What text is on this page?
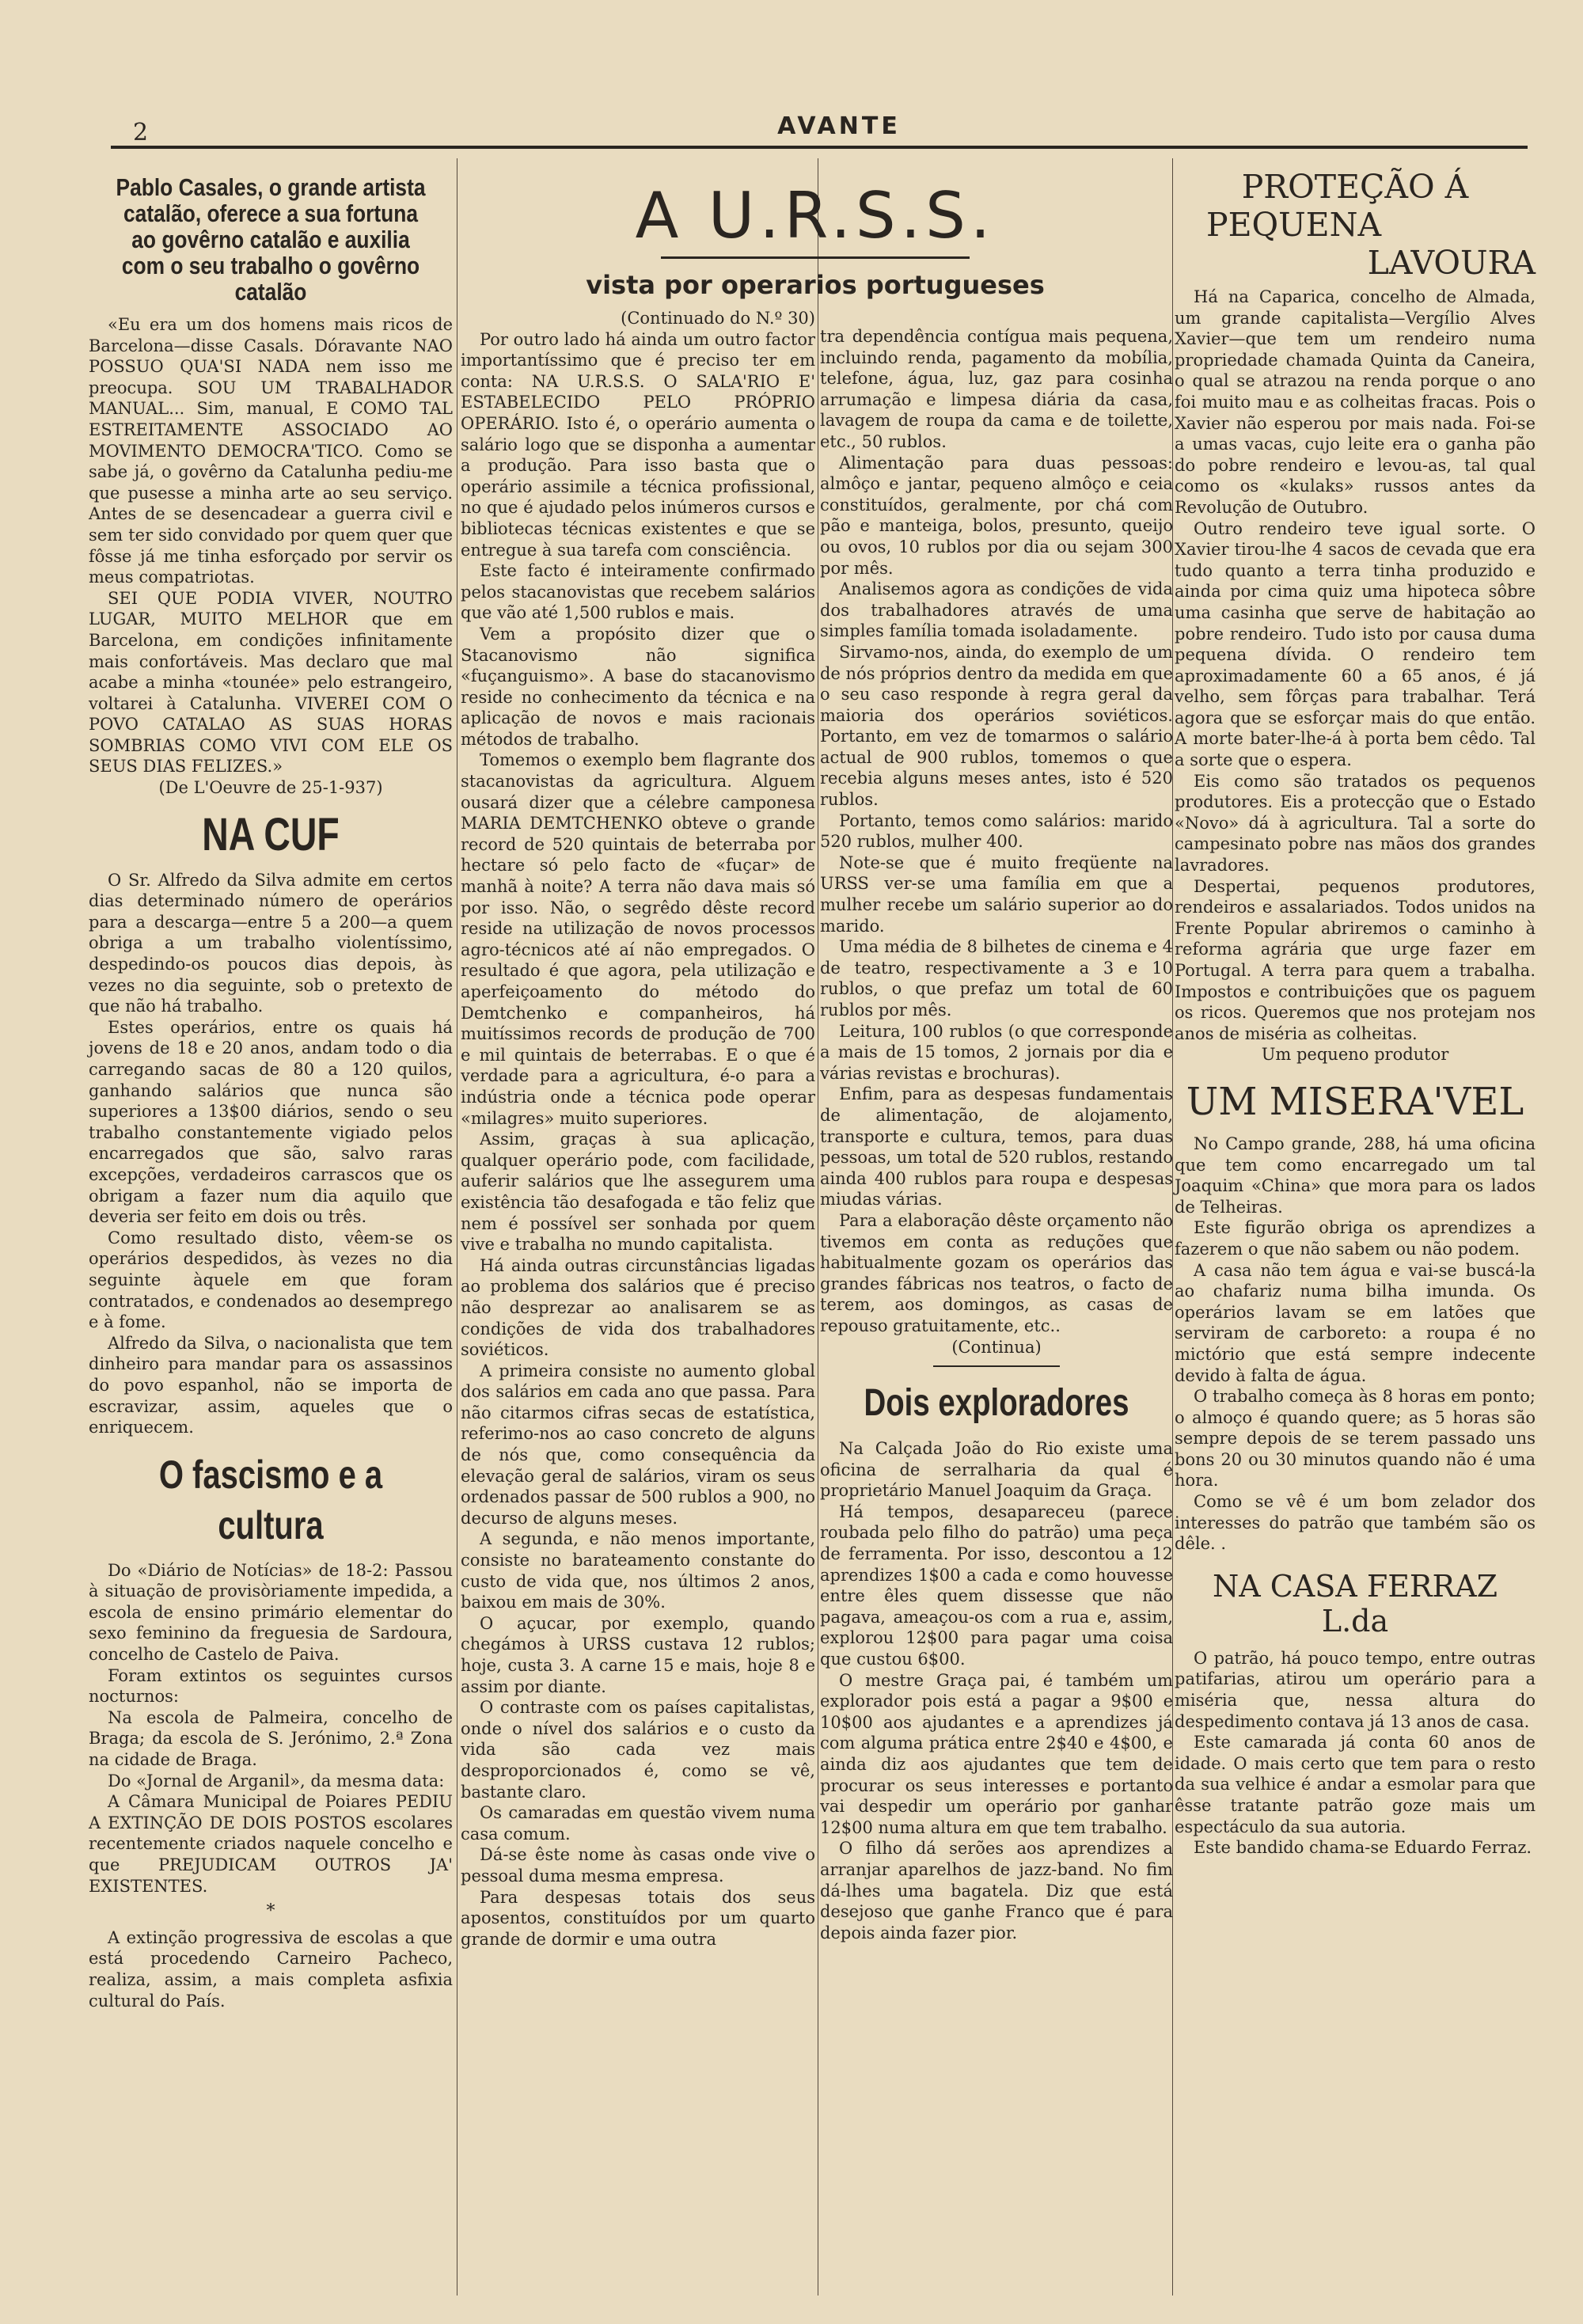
2	AVANTE
Pablo Casales, o grande artista catalão, oferece a sua fortuna ao govêrno catalão e auxilia com o seu trabalho o govêrno catalão

«Eu era um dos homens mais ricos de Barcelona—disse Casals. Dóravante NAO POSSUO QUA'SI NADA nem isso me preocupa. SOU UM TRABALHADOR MANUAL... Sim, manual, E COMO TAL ESTREITAMENTE ASSOCIADO AO MOVIMENTO DEMOCRA'TICO. Como se sabe já, o govêrno da Catalunha pediu-me que pusesse a minha arte ao seu serviço. Antes de se desencadear a guerra civil e sem ter sido convidado por quem quer que fôsse já me tinha esforçado por servir os meus compatriotas.

SEI QUE PODIA VIVER, NOUTRO LUGAR, MUITO MELHOR que em Barcelona, em condições infinitamente mais confortáveis. Mas declaro que mal acabe a minha «tounée» pelo estrangeiro, voltarei à Catalunha. VIVEREI COM O POVO CATALAO AS SUAS HORAS SOMBRIAS COMO VIVI COM ELE OS SEUS DIAS FELIZES.»

(De L'Oeuvre de 25-1-937)

NA CUF

O Sr. Alfredo da Silva admite em certos dias determinado número de operários para a descarga—entre 5 a 200—a quem obriga a um trabalho violentíssimo, despedindo-os poucos dias depois, às vezes no dia seguinte, sob o pretexto de que não há trabalho.

Estes operários, entre os quais há jovens de 18 e 20 anos, andam todo o dia carregando sacas de 80 a 120 quilos, ganhando salários que nunca são superiores a 13$00 diários, sendo o seu trabalho constantemente vigiado pelos encarregados que são, salvo raras excepções, verdadeiros carrascos que os obrigam a fazer num dia aquilo que deveria ser feito em dois ou três.

Como resultado disto, vêem-se os operários despedidos, às vezes no dia seguinte àquele em que foram contratados, e condenados ao desemprego e à fome.

Alfredo da Silva, o nacionalista que tem dinheiro para mandar para os assassinos do povo espanhol, não se importa de escravizar, assim, aqueles que o enriquecem.

O fascismo e a cultura

Do «Diário de Notícias» de 18-2: Passou à situação de provisòriamente impedida, a escola de ensino primário elementar do sexo feminino da freguesia de Sardoura, concelho de Castelo de Paiva.

Foram extintos os seguintes cursos nocturnos:

Na escola de Palmeira, concelho de Braga; da escola de S. Jerónimo, 2.ª Zona na cidade de Braga.

Do «Jornal de Arganil», da mesma data:

A Câmara Municipal de Poiares PEDIU A EXTINÇÃO DE DOIS POSTOS escolares recentemente criados naquele concelho e que PREJUDICAM OUTROS JA' EXISTENTES.

*

A extinção progressiva de escolas a que está procedendo Carneiro Pacheco, realiza, assim, a mais completa asfixia cultural do País.

A U.R.S.S.
vista por operarios portugueses

(Continuado do N.º 30)

Por outro lado há ainda um outro factor importantíssimo que é preciso ter em conta: NA U.R.S.S. O SALA'RIO E' ESTABELECIDO PELO PRÓPRIO OPERÁRIO. Isto é, o operário aumenta o salário logo que se disponha a aumentar a produção. Para isso basta que o operário assimile a técnica profissional, no que é ajudado pelos inúmeros cursos e bibliotecas técnicas existentes e que se entregue à sua tarefa com consciência.

Este facto é inteiramente confirmado pelos stacanovistas que recebem salários que vão até 1,500 rublos e mais.

Vem a propósito dizer que o Stacanovismo não significa «fuçanguismo». A base do stacanovismo reside no conhecimento da técnica e na aplicação de novos e mais racionais métodos de trabalho.

Tomemos o exemplo bem flagrante dos stacanovistas da agricultura. Alguem ousará dizer que a célebre camponesa MARIA DEMTCHENKO obteve o grande record de 520 quintais de beterraba por hectare só pelo facto de «fuçar» de manhã à noite? A terra não dava mais só por isso. Não, o segrêdo dêste record reside na utilização de novos processos agro-técnicos até aí não empregados. O resultado é que agora, pela utilização e aperfeiçoamento do método do Demtchenko e companheiros, há muitíssimos records de produção de 700 e mil quintais de beterrabas. E o que é verdade para a agricultura, é-o para a indústria onde a técnica pode operar «milagres» muito superiores.

Assim, graças à sua aplicação, qualquer operário pode, com facilidade, auferir salários que lhe assegurem uma existência tão desafogada e tão feliz que nem é possível ser sonhada por quem vive e trabalha no mundo capitalista.

Há ainda outras circunstâncias ligadas ao problema dos salários que é preciso não desprezar ao analisarem se as condições de vida dos trabalhadores soviéticos.

A primeira consiste no aumento global dos salários em cada ano que passa. Para não citarmos cifras secas de estatística, referimo-nos ao caso concreto de alguns de nós que, como consequência da elevação geral de salários, viram os seus ordenados passar de 500 rublos a 900, no decurso de alguns meses.

A segunda, e não menos importante, consiste no barateamento constante do custo de vida que, nos últimos 2 anos, baixou em mais de 30%.

O açucar, por exemplo, quando chegámos à URSS custava 12 rublos; hoje, custa 3. A carne 15 e mais, hoje 8 e assim por diante.

O contraste com os países capitalistas, onde o nível dos salários e o custo da vida são cada vez mais desproporcionados é, como se vê, bastante claro.

Os camaradas em questão vivem numa casa comum.

Dá-se êste nome às casas onde vive o pessoal duma mesma empresa.

Para despesas totais dos seus aposentos, constituídos por um quarto grande de dormir e uma outra

tra dependência contígua mais pequena, incluindo renda, pagamento da mobília, telefone, água, luz, gaz para cosinha arrumação e limpesa diária da casa, lavagem de roupa da cama e de toilette, etc., 50 rublos.

Alimentação para duas pessoas: almôço e jantar, pequeno almôço e ceia constituídos, geralmente, por chá com pão e manteiga, bolos, presunto, queijo ou ovos, 10 rublos por dia ou sejam 300 por mês.

Analisemos agora as condições de vida dos trabalhadores através de uma simples família tomada isoladamente.

Sirvamo-nos, ainda, do exemplo de um de nós próprios dentro da medida em que o seu caso responde à regra geral da maioria dos operários soviéticos. Portanto, em vez de tomarmos o salário actual de 900 rublos, tomemos o que recebia alguns meses antes, isto é 520 rublos.

Portanto, temos como salários: marido 520 rublos, mulher 400.

Note-se que é muito freqüente na URSS ver-se uma família em que a mulher recebe um salário superior ao do marido.

Uma média de 8 bilhetes de cinema e 4 de teatro, respectivamente a 3 e 10 rublos, o que prefaz um total de 60 rublos por mês.

Leitura, 100 rublos (o que corresponde a mais de 15 tomos, 2 jornais por dia e várias revistas e brochuras).

Enfim, para as despesas fundamentais de alimentação, de alojamento, transporte e cultura, temos, para duas pessoas, um total de 520 rublos, restando ainda 400 rublos para roupa e despesas miudas várias.

Para a elaboração dêste orçamento não tivemos em conta as reduções que habitualmente gozam os operários das grandes fábricas nos teatros, o facto de terem, aos domingos, as casas de repouso gratuitamente, etc..

(Continua)

Dois exploradores

Na Calçada João do Rio existe uma oficina de serralharia da qual é proprietário Manuel Joaquim da Graça.

Há tempos, desapareceu (parece roubada pelo filho do patrão) uma peça de ferramenta. Por isso, descontou a 12 aprendizes 1$00 a cada e como houvesse entre êles quem dissesse que não pagava, ameaçou-os com a rua e, assim, explorou 12$00 para pagar uma coisa que custou 6$00.

O mestre Graça pai, é também um explorador pois está a pagar a 9$00 e 10$00 aos ajudantes e a aprendizes já com alguma prática entre 2$40 e 4$00, e ainda diz aos ajudantes que tem de procurar os seus interesses e portanto vai despedir um operário por ganhar 12$00 numa altura em que tem trabalho.

O filho dá serões aos aprendizes a arranjar aparelhos de jazz-band. No fim dá-lhes uma bagatela. Diz que está desejoso que ganhe Franco que é para depois ainda fazer pior.

PROTEÇÃO Á
PEQUENA
LAVOURA

Há na Caparica, concelho de Almada, um grande capitalista—Vergílio Alves Xavier—que tem um rendeiro numa propriedade chamada Quinta da Caneira, o qual se atrazou na renda porque o ano foi muito mau e as colheitas fracas. Pois o Xavier não esperou por mais nada. Foi-se a umas vacas, cujo leite era o ganha pão do pobre rendeiro e levou-as, tal qual como os «kulaks» russos antes da Revolução de Outubro.

Outro rendeiro teve igual sorte. O Xavier tirou-lhe 4 sacos de cevada que era tudo quanto a terra tinha produzido e ainda por cima quiz uma hipoteca sôbre uma casinha que serve de habitação ao pobre rendeiro. Tudo isto por causa duma pequena dívida. O rendeiro tem aproximadamente 60 a 65 anos, é já velho, sem fôrças para trabalhar. Terá agora que se esforçar mais do que então. A morte bater-lhe-á à porta bem cêdo. Tal a sorte que o espera.

Eis como são tratados os pequenos produtores. Eis a protecção que o Estado «Novo» dá à agricultura. Tal a sorte do campesinato pobre nas mãos dos grandes lavradores.

Despertai, pequenos produtores, rendeiros e assalariados. Todos unidos na Frente Popular abriremos o caminho à reforma agrária que urge fazer em Portugal. A terra para quem a trabalha. Impostos e contribuições que os paguem os ricos. Queremos que nos protejam nos anos de miséria as colheitas.

Um pequeno produtor

UM MISERA'VEL

No Campo grande, 288, há uma oficina que tem como encarregado um tal Joaquim «China» que mora para os lados de Telheiras.

Este figurão obriga os aprendizes a fazerem o que não sabem ou não podem.

A casa não tem água e vai-se buscá-la ao chafariz numa bilha imunda. Os operários lavam se em latões que serviram de carboreto: a roupa é no mictório que está sempre indecente devido à falta de água.

O trabalho começa às 8 horas em ponto; o almoço é quando quere; as 5 horas são sempre depois de se terem passado uns bons 20 ou 30 minutos quando não é uma hora.

Como se vê é um bom zelador dos interesses do patrão que também são os dêle. .

NA CASA FERRAZ L.da

O patrão, há pouco tempo, entre outras patifarias, atirou um operário para a miséria que, nessa altura do despedimento contava já 13 anos de casa.

Este camarada já conta 60 anos de idade. O mais certo que tem para o resto da sua velhice é andar a esmolar para que êsse tratante patrão goze mais um espectáculo da sua autoria.

Este bandido chama-se Eduardo Ferraz.
